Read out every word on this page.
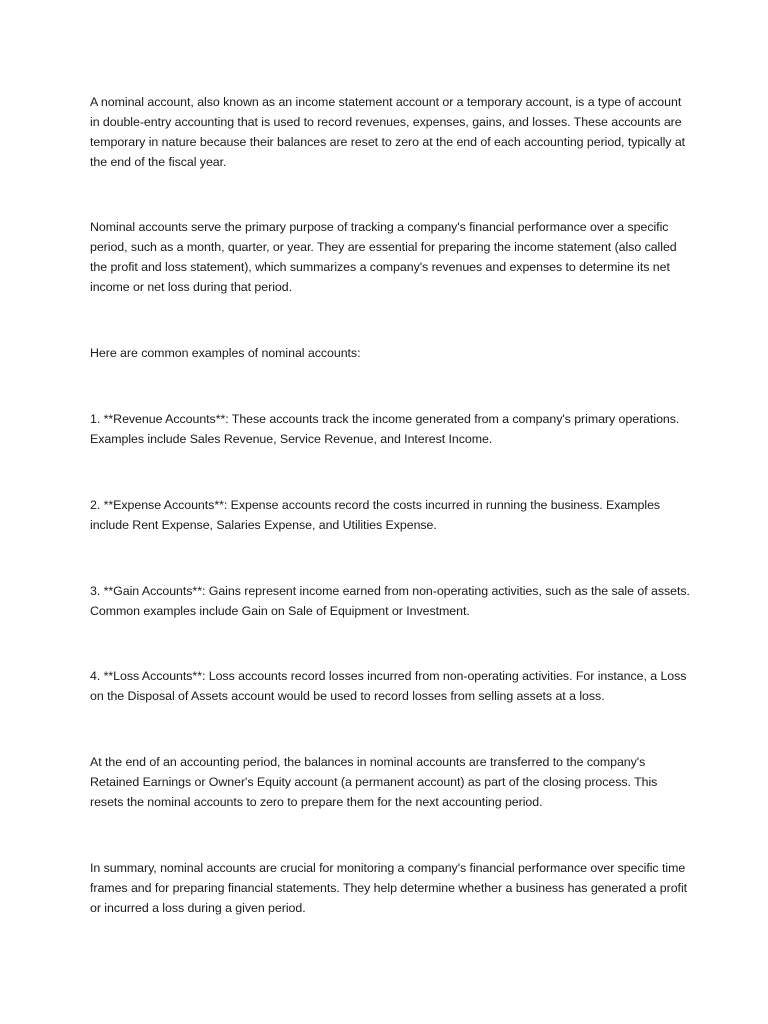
A nominal account, also known as an income statement account or a temporary account, is a type of account in double-entry accounting that is used to record revenues, expenses, gains, and losses. These accounts are temporary in nature because their balances are reset to zero at the end of each accounting period, typically at the end of the fiscal year.

Nominal accounts serve the primary purpose of tracking a company's financial performance over a specific period, such as a month, quarter, or year. They are essential for preparing the income statement (also called the profit and loss statement), which summarizes a company's revenues and expenses to determine its net income or net loss during that period.

Here are common examples of nominal accounts:

1. **Revenue Accounts**: These accounts track the income generated from a company's primary operations. Examples include Sales Revenue, Service Revenue, and Interest Income.

2. **Expense Accounts**: Expense accounts record the costs incurred in running the business. Examples include Rent Expense, Salaries Expense, and Utilities Expense.

3. **Gain Accounts**: Gains represent income earned from non-operating activities, such as the sale of assets. Common examples include Gain on Sale of Equipment or Investment.

4. **Loss Accounts**: Loss accounts record losses incurred from non-operating activities. For instance, a Loss on the Disposal of Assets account would be used to record losses from selling assets at a loss.

At the end of an accounting period, the balances in nominal accounts are transferred to the company's Retained Earnings or Owner's Equity account (a permanent account) as part of the closing process. This resets the nominal accounts to zero to prepare them for the next accounting period.

In summary, nominal accounts are crucial for monitoring a company's financial performance over specific time frames and for preparing financial statements. They help determine whether a business has generated a profit or incurred a loss during a given period.
